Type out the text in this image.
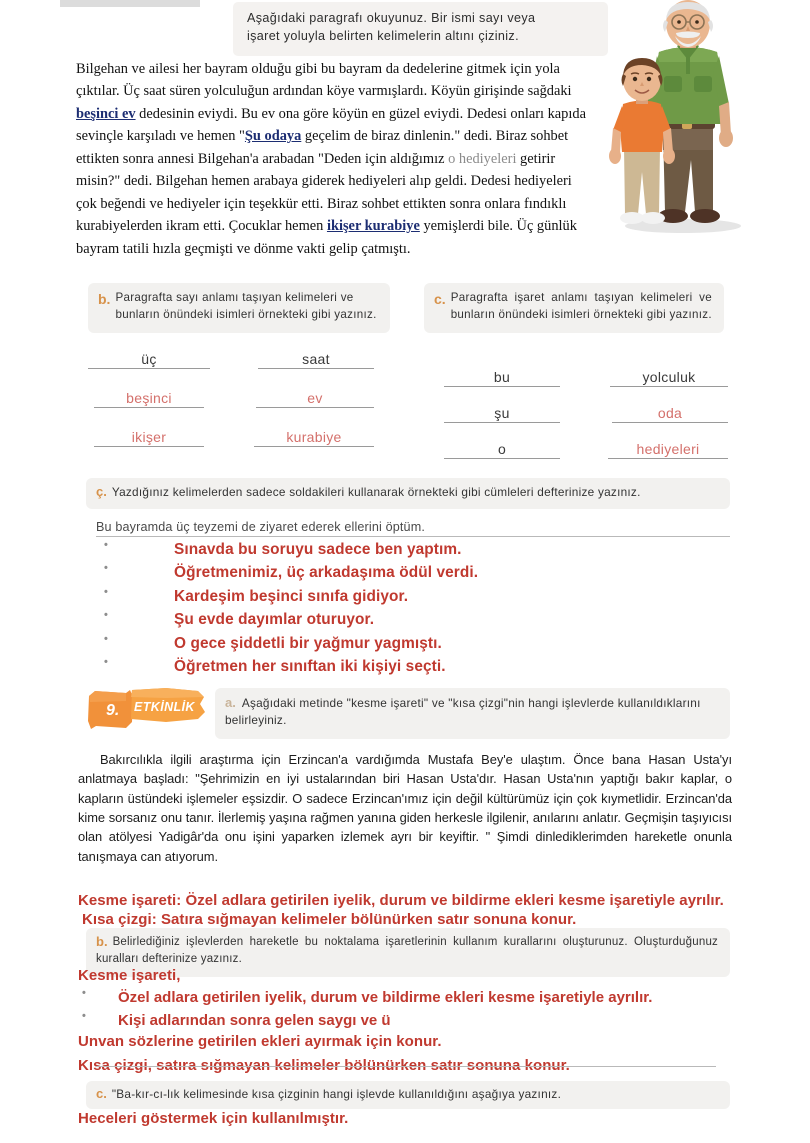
Aşağıdaki paragrafı okuyunuz. Bir ismi sayı veya

işaret yoluyla belirten kelimelerin altını çiziniz.

Bilgehan ve ailesi her bayram olduğu gibi bu bayram da dedelerine gitmek için yola çıktılar. Üç saat süren yolculuğun ardından köye varmışlardı. Köyün girişinde sağdaki beşinci ev dedesinin eviydi. Bu ev ona göre köyün en güzel eviydi. Dedesi onları kapıda sevinçle karşıladı ve hemen "Şu odaya geçelim de biraz dinlenin." dedi. Biraz sohbet ettikten sonra annesi Bilgehan'a arabadan "Deden için aldığımız o hediyeleri getirir misin?" dedi. Bilgehan hemen arabaya giderek hediyeleri alıp geldi. Dedesi hediyeleri çok beğendi ve hediyeler için teşekkür etti. Biraz sohbet ettikten sonra onlara fındıklı kurabiyelerden ikram etti. Çocuklar hemen ikişer kurabiye yemişlerdi bile. Üç günlük bayram tatili hızla geçmişti ve dönme vakti gelip çatmıştı.
b. Paragrafta sayı anlamı taşıyan kelimeleri ve bunların önündeki isimleri örnekteki gibi yazınız.

üç	saat
beşinci	ev
ikişer	kurabiye
c. Paragrafta işaret anlamı taşıyan kelimeleri ve bunların önündeki isimleri örnekteki gibi yazınız.

bu	yolculuk
şu	oda
o	hediyeleri
ç. Yazdığınız kelimelerden sadece soldakileri kullanarak örnekteki gibi cümleleri defterinize yazınız.

Bu bayramda üç teyzemi de ziyaret ederek ellerini öptüm.
• Sınavda bu soruyu sadece ben yaptım.
• Öğretmenimiz, üç arkadaşıma ödül verdi.
• Kardeşim beşinci sınıfa gidiyor.
• Şu evde dayımlar oturuyor.
• O gece şiddetli bir yağmur yagmıştı.
• Öğretmen her sınıftan iki kişiyi seçti.
9. ETKİNLİK a. Aşağıdaki metinde "kesme işareti" ve "kısa çizgi"nin hangi işlevlerde kullanıldıklarını belirleyiniz.

Bakırcılıkla ilgili araştırma için Erzincan'a vardığımda Mustafa Bey'e ulaştım. Önce bana Hasan Usta'yı anlatmaya başladı: "Şehrimizin en iyi ustalarından biri Hasan Usta'dır. Hasan Usta'nın yaptığı bakır kaplar, o kapların üstündeki işlemeler eşsizdir. O sadece Erzincan'ımız için değil kültürümüz için çok kıymetlidir. Erzincan'da kime sorsanız onu tanır. İlerlemiş yaşına rağmen yanına giden herkesle ilgilenir, anılarını anlatır. Geçmişin taşıyıcısı olan atölyesi Yadigâr'da onu işini yaparken izlemek ayrı bir keyiftir. " Şimdi dinlediklerimden hareketle onunla tanışmaya can atıyorum.

Kesme işareti: Özel adlara getirilen iyelik, durum ve bildirme ekleri kesme işaretiyle ayrılır.
Kısa çizgi: Satıra sığmayan kelimeler bölünürken satır sonuna konur.
b. Belirlediğiniz işlevlerden hareketle bu noktalama işaretlerinin kullanım kurallarını oluşturunuz. Oluşturduğunuz kuralları defterinize yazınız.

Kesme işareti,
• Özel adlara getirilen iyelik, durum ve bildirme ekleri kesme işaretiyle ayrılır.
• Kişi adlarından sonra gelen saygı ve ü
Unvan sözlerine getirilen ekleri ayırmak için konur.
Kısa çizgi, satıra sığmayan kelimeler bölünürken satır sonuna konur.
c. "Ba-kır-cı-lık kelimesinde kısa çizginin hangi işlevde kullanıldığını aşağıya yazınız.

Heceleri göstermek için kullanılmıştır.
